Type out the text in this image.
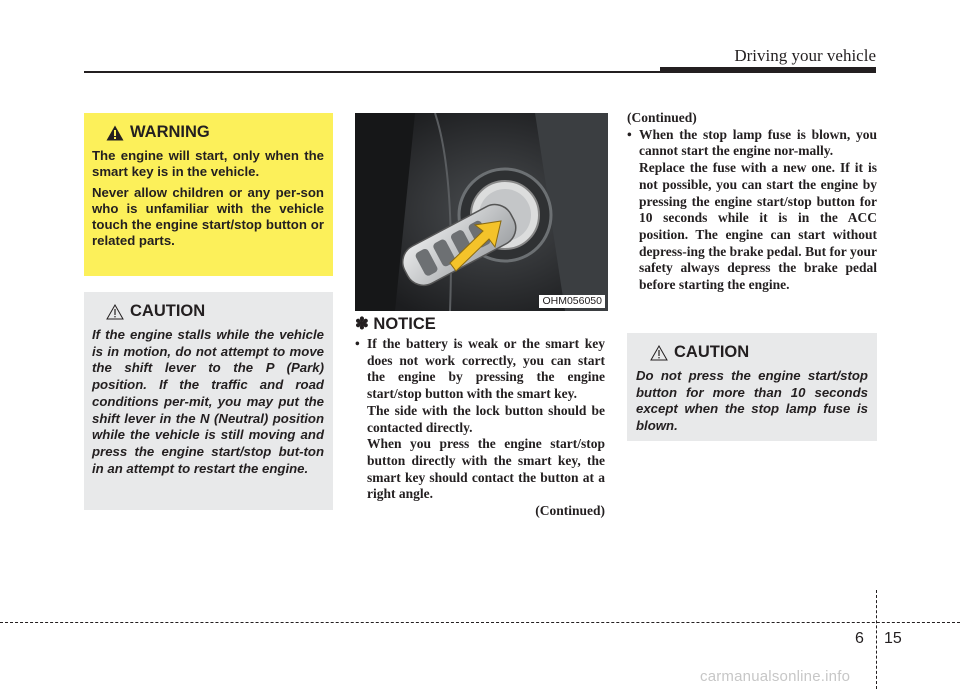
Driving your vehicle
WARNING

The engine will start, only when the smart key is in the vehicle.

Never allow children or any per-son who is unfamiliar with the vehicle touch the engine start/stop button or related parts.

CAUTION

If the engine stalls while the vehicle is in motion, do not attempt to move the shift lever to the P (Park) position. If the traffic and road conditions per-mit, you may put the shift lever in the N (Neutral) position while the vehicle is still moving and press the engine start/stop but-ton in an attempt to restart the engine.

OHM056050
✽ NOTICE
• If the battery is weak or the smart key does not work correctly, you can start the engine by pressing the engine start/stop button with the smart key.

The side with the lock button should be contacted directly.

When you press the engine start/stop button directly with the smart key, the smart key should contact the button at a right angle.

(Continued)

(Continued)

• When the stop lamp fuse is blown, you cannot start the engine nor-mally.

Replace the fuse with a new one. If it is not possible, you can start the engine by pressing the engine start/stop button for 10 seconds while it is in the ACC position. The engine can start without depress-ing the brake pedal. But for your safety always depress the brake pedal before starting the engine.

CAUTION

Do not press the engine start/stop button for more than 10 seconds except when the stop lamp fuse is blown.

6 15
carmanualsonline.info
